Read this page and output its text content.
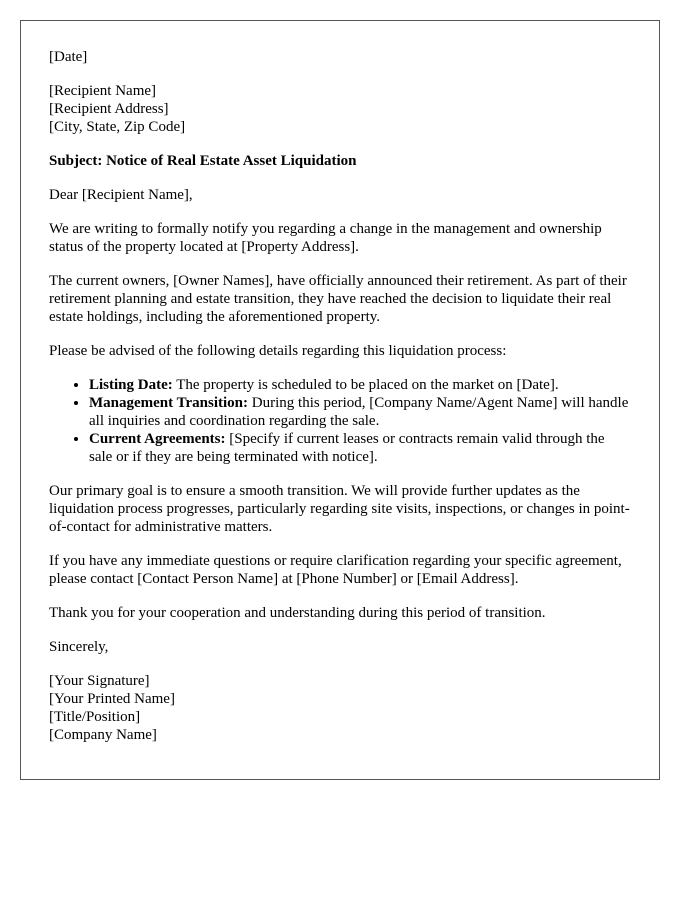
[Date]
[Recipient Name]
[Recipient Address]
[City, State, Zip Code]
Subject: Notice of Real Estate Asset Liquidation

Dear [Recipient Name],

We are writing to formally notify you regarding a change in the management and ownership status of the property located at [Property Address].

The current owners, [Owner Names], have officially announced their retirement. As part of their retirement planning and estate transition, they have reached the decision to liquidate their real estate holdings, including the aforementioned property.

Please be advised of the following details regarding this liquidation process:

• Listing Date: The property is scheduled to be placed on the market on [Date].
• Management Transition: During this period, [Company Name/Agent Name] will handle all inquiries and coordination regarding the sale.
• Current Agreements: [Specify if current leases or contracts remain valid through the sale or if they are being terminated with notice].

Our primary goal is to ensure a smooth transition. We will provide further updates as the liquidation process progresses, particularly regarding site visits, inspections, or changes in point-of-contact for administrative matters.

If you have any immediate questions or require clarification regarding your specific agreement, please contact [Contact Person Name] at [Phone Number] or [Email Address].

Thank you for your cooperation and understanding during this period of transition.

Sincerely,

[Your Signature]
[Your Printed Name]
[Title/Position]
[Company Name]
